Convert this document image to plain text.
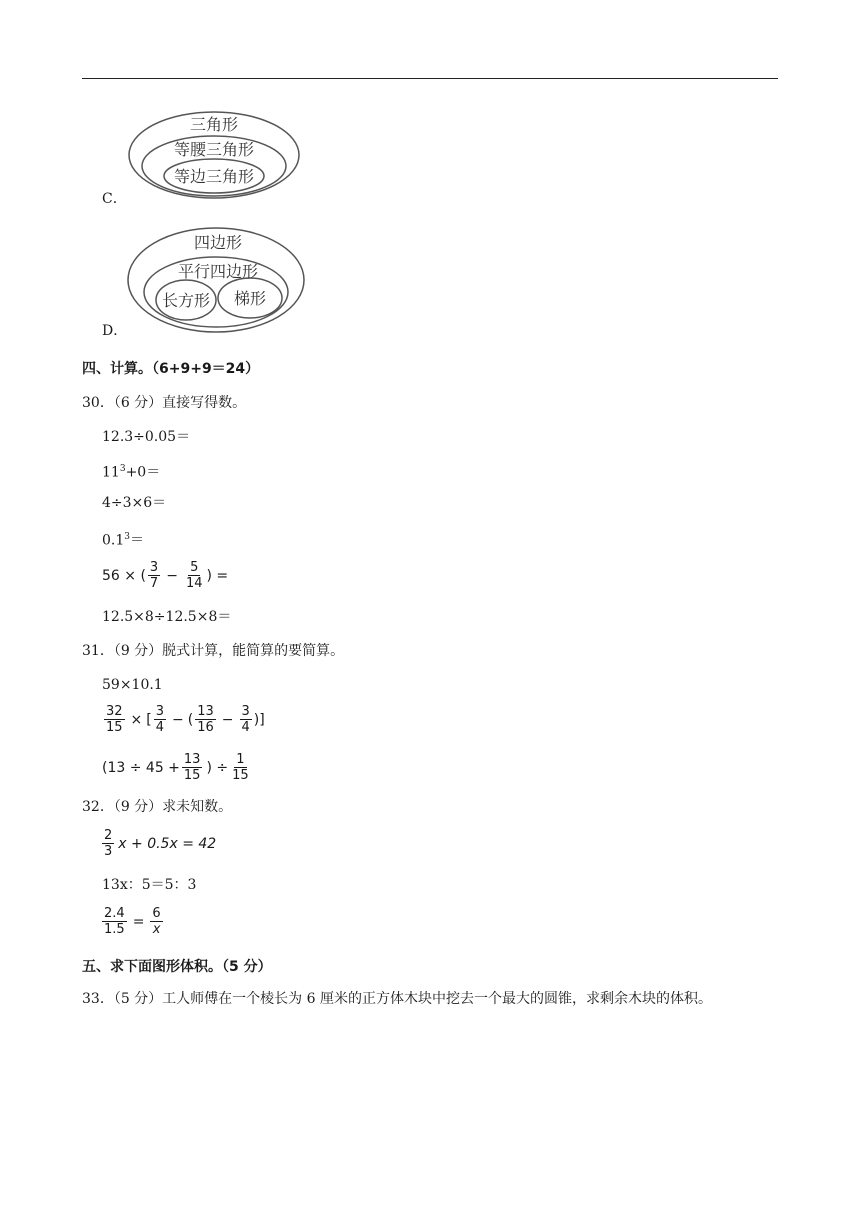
三角形
等腰三角形
等边三角形
C．
四边形
平行四边形
长方形 梯形
D．
四、计算。（6+9+9＝24）
30．（6 分）直接写得数。
12.3÷0.05＝
$11^3+0=$
4÷3×6＝
$0.1^3=$
56 × ( $\frac{3}{7} - \frac{5}{14}$ ) =
12.5×8÷12.5×8＝
31．（9 分）脱式计算，能简算的要简算。
59×10.1
$\frac{32}{15}$ × [ $\frac{3}{4}$ − ( $\frac{13}{16} - \frac{3}{4}$ )]
($13 \div 45 + \frac{13}{15}$ ) ÷ $\frac{1}{15}$
32．（9 分）求未知数。
$\frac{2}{3}$ x + 0.5x = 42
13x：5＝5：3
$\frac{2.4}{1.5} = \frac{6}{x}$
五、求下面图形体积。（5 分）
33．（5 分）工人师傅在一个棱长为 6 厘米的正方体木块中挖去一个最大的圆锥，求剩余木块的体积。
